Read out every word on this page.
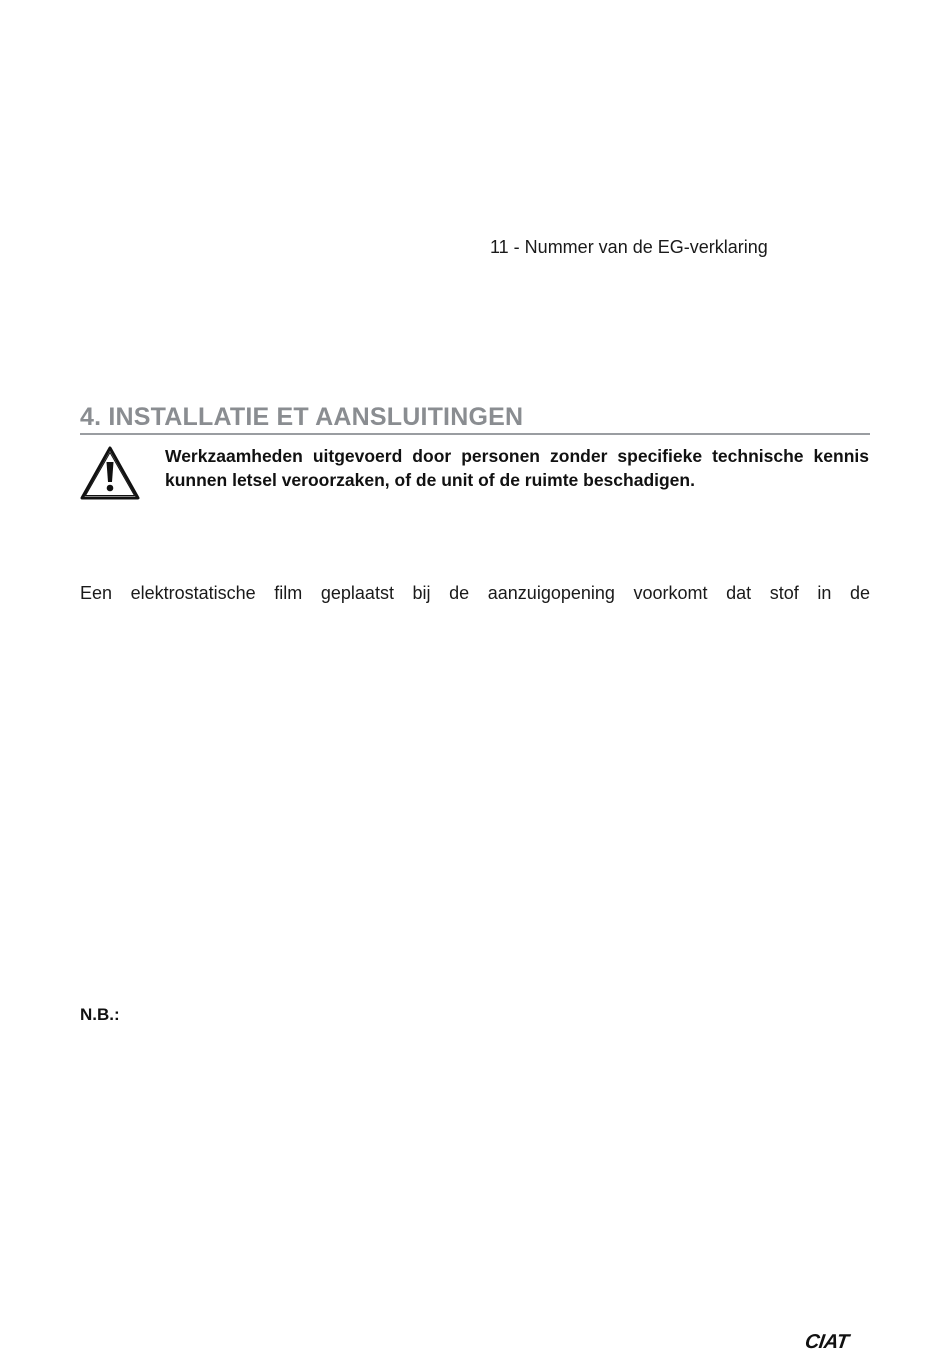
11 - Nummer van de EG-verklaring
4. INSTALLATIE ET AANSLUITINGEN

Werkzaamheden uitgevoerd door personen zonder specifieke technische kennis kunnen letsel veroorzaken, of de unit of de ruimte beschadigen.

Een elektrostatische film geplaatst bij de aanzuigopening voorkomt dat stof in de

N.B.:
CIAT
